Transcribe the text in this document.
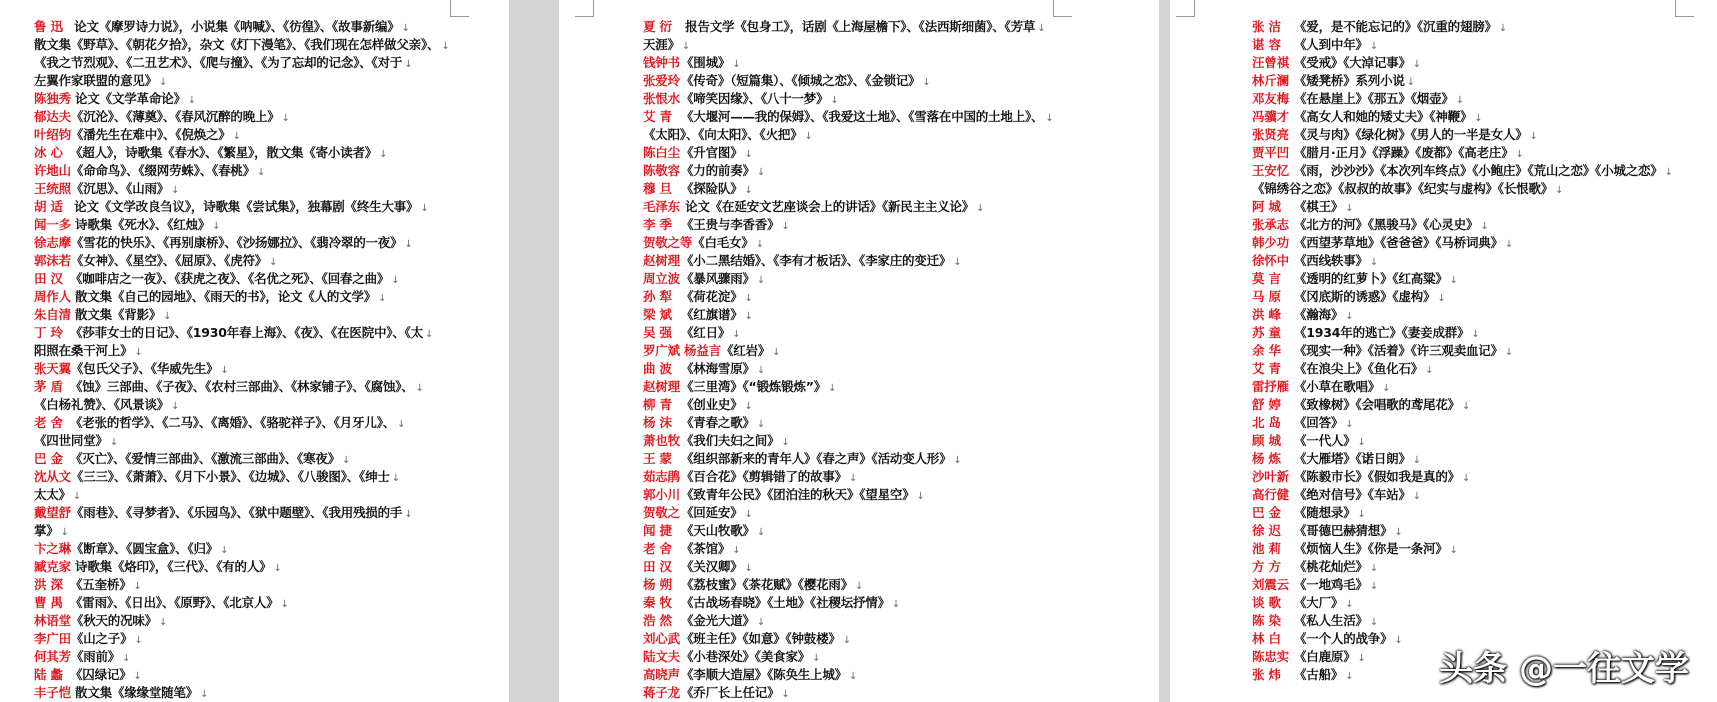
鲁 迅 论文《摩罗诗力说》，小说集《呐喊》、《彷徨》、《故事新编》 ↓
散文集《野草》、《朝花夕拾》，杂文《灯下漫笔》、《我们现在怎样做父亲》、 ↓
《我之节烈观》、《二丑艺术》、《爬与撞》、《为了忘却的记念》、《对于 ↓
左翼作家联盟的意见》 ↓
陈独秀 论文《文学革命论》 ↓
郁达夫《沉沦》、《薄奠》、《春风沉醉的晚上》 ↓
叶绍钧《潘先生在难中》、《倪焕之》 ↓
冰 心 《超人》，诗歌集《春水》、《繁星》，散文集《寄小读者》 ↓
许地山《命命鸟》、《缀网劳蛛》、《春桃》 ↓
王统照《沉思》、《山雨》 ↓
胡 适 论文《文学改良刍议》，诗歌集《尝试集》，独幕剧《终生大事》 ↓
闻一多 诗歌集《死水》、《红烛》 ↓
徐志摩《雪花的快乐》、《再别康桥》、《沙扬娜拉》、《翡冷翠的一夜》 ↓
郭沫若《女神》、《星空》、《屈原》、《虎符》 ↓
田 汉 《咖啡店之一夜》、《获虎之夜》、《名优之死》、《回春之曲》 ↓
周作人 散文集《自己的园地》、《雨天的书》，论文《人的文学》 ↓
朱自清 散文集《背影》 ↓
丁 玲 《莎菲女士的日记》、《1930年春上海》、《夜》、《在医院中》、《太 ↓
阳照在桑干河上》 ↓
张天翼《包氏父子》、《华威先生》 ↓
茅 盾 《蚀》三部曲、《子夜》、《农村三部曲》、《林家铺子》、《腐蚀》、 ↓
《白杨礼赞》、《风景谈》 ↓
老 舍 《老张的哲学》、《二马》、《离婚》、《骆驼祥子》、《月牙儿》、 ↓
《四世同堂》 ↓
巴 金 《灭亡》、《爱情三部曲》、《激流三部曲》、《寒夜》 ↓
沈从文《三三》、《萧萧》、《月下小景》、《边城》、《八骏图》、《绅士 ↓
太太》 ↓
戴望舒《雨巷》、《寻梦者》、《乐园鸟》、《狱中题壁》、《我用残损的手 ↓
掌》 ↓
卞之琳《断章》、《圆宝盒》、《归》 ↓
臧克家 诗歌集《烙印》，《三代》、《有的人》 ↓
洪 深 《五奎桥》 ↓
曹 禺 《雷雨》、《日出》、《原野》、《北京人》 ↓
林语堂《秋天的况味》 ↓
李广田《山之子》 ↓
何其芳《雨前》 ↓
陆 蠡 《囚绿记》 ↓
丰子恺 散文集《缘缘堂随笔》 ↓
夏 衍 报告文学《包身工》，话剧《上海屋檐下》、《法西斯细菌》、《芳草 ↓
天涯》 ↓
钱钟书《围城》 ↓
张爱玲《传奇》（短篇集）、《倾城之恋》、《金锁记》 ↓
张恨水《啼笑因缘》、《八十一梦》 ↓
艾 青 《大堰河——我的保姆》、《我爱这土地》、《雪落在中国的土地上》、 ↓
《太阳》、《向太阳》、《火把》 ↓
陈白尘《升官图》 ↓
陈敬容《力的前奏》 ↓
穆 旦 《探险队》 ↓
毛泽东 论文《在延安文艺座谈会上的讲话》《新民主主义论》 ↓
李 季 《王贵与李香香》 ↓
贺敬之等《白毛女》 ↓
赵树理《小二黑结婚》、《李有才板话》、《李家庄的变迁》 ↓
周立波《暴风骤雨》 ↓
孙 犁 《荷花淀》 ↓
梁 斌 《红旗谱》 ↓
吴 强 《红日》 ↓
罗广斌 杨益言《红岩》 ↓
曲 波 《林海雪原》 ↓
赵树理《三里湾》《“锻炼锻炼”》 ↓
柳 青 《创业史》 ↓
杨 沫 《青春之歌》 ↓
萧也牧《我们夫妇之间》 ↓
王 蒙 《组织部新来的青年人》《春之声》《活动变人形》 ↓
茹志鹃《百合花》《剪辑错了的故事》 ↓
郭小川《致青年公民》《团泊洼的秋天》《望星空》 ↓
贺敬之《回延安》 ↓
闻 捷 《天山牧歌》 ↓
老 舍 《茶馆》 ↓
田 汉 《关汉卿》 ↓
杨 朔 《荔枝蜜》《茶花赋》《樱花雨》 ↓
秦 牧 《古战场春晓》《土地》《社稷坛抒情》 ↓
浩 然 《金光大道》 ↓
刘心武《班主任》《如意》《钟鼓楼》 ↓
陆文夫《小巷深处》《美食家》 ↓
高晓声《李顺大造屋》《陈奂生上城》 ↓
蒋子龙《乔厂长上任记》 ↓
张 洁 《爱，是不能忘记的》《沉重的翅膀》 ↓
谌 容 《人到中年》 ↓
汪曾祺 《受戒》《大淖记事》 ↓
林斤澜 《矮凳桥》系列小说 ↓
邓友梅 《在悬崖上》《那五》《烟壶》 ↓
冯骥才 《高女人和她的矮丈夫》《神鞭》 ↓
张贤亮 《灵与肉》《绿化树》《男人的一半是女人》 ↓
贾平凹 《腊月·正月》《浮躁》《废都》《高老庄》 ↓
王安忆 《雨，沙沙沙》《本次列车终点》《小鲍庄》《荒山之恋》《小城之恋》 ↓
《锦绣谷之恋》《叔叔的故事》《纪实与虚构》《长恨歌》 ↓
阿 城 《棋王》 ↓
张承志 《北方的河》《黑骏马》《心灵史》 ↓
韩少功 《西望茅草地》《爸爸爸》《马桥词典》 ↓
徐怀中 《西线轶事》 ↓
莫 言 《透明的红萝卜》《红高粱》 ↓
马 原 《冈底斯的诱惑》《虚构》 ↓
洪 峰 《瀚海》 ↓
苏 童 《1934年的逃亡》《妻妾成群》 ↓
余 华 《现实一种》《活着》《许三观卖血记》 ↓
艾 青 《在浪尖上》《鱼化石》 ↓
雷抒雁 《小草在歌唱》 ↓
舒 婷 《致橡树》《会唱歌的鸢尾花》 ↓
北 岛 《回答》 ↓
顾 城 《一代人》 ↓
杨 炼 《大雁塔》《诺日朗》 ↓
沙叶新 《陈毅市长》《假如我是真的》 ↓
高行健 《绝对信号》《车站》 ↓
巴 金 《随想录》 ↓
徐 迟 《哥德巴赫猜想》 ↓
池 莉 《烦恼人生》《你是一条河》 ↓
方 方 《桃花灿烂》 ↓
刘震云 《一地鸡毛》 ↓
谈 歌 《大厂》 ↓
陈 染 《私人生活》 ↓
林 白 《一个人的战争》 ↓
陈忠实 《白鹿原》 ↓
张 炜 《古船》 ↓	头条 @一往文学
